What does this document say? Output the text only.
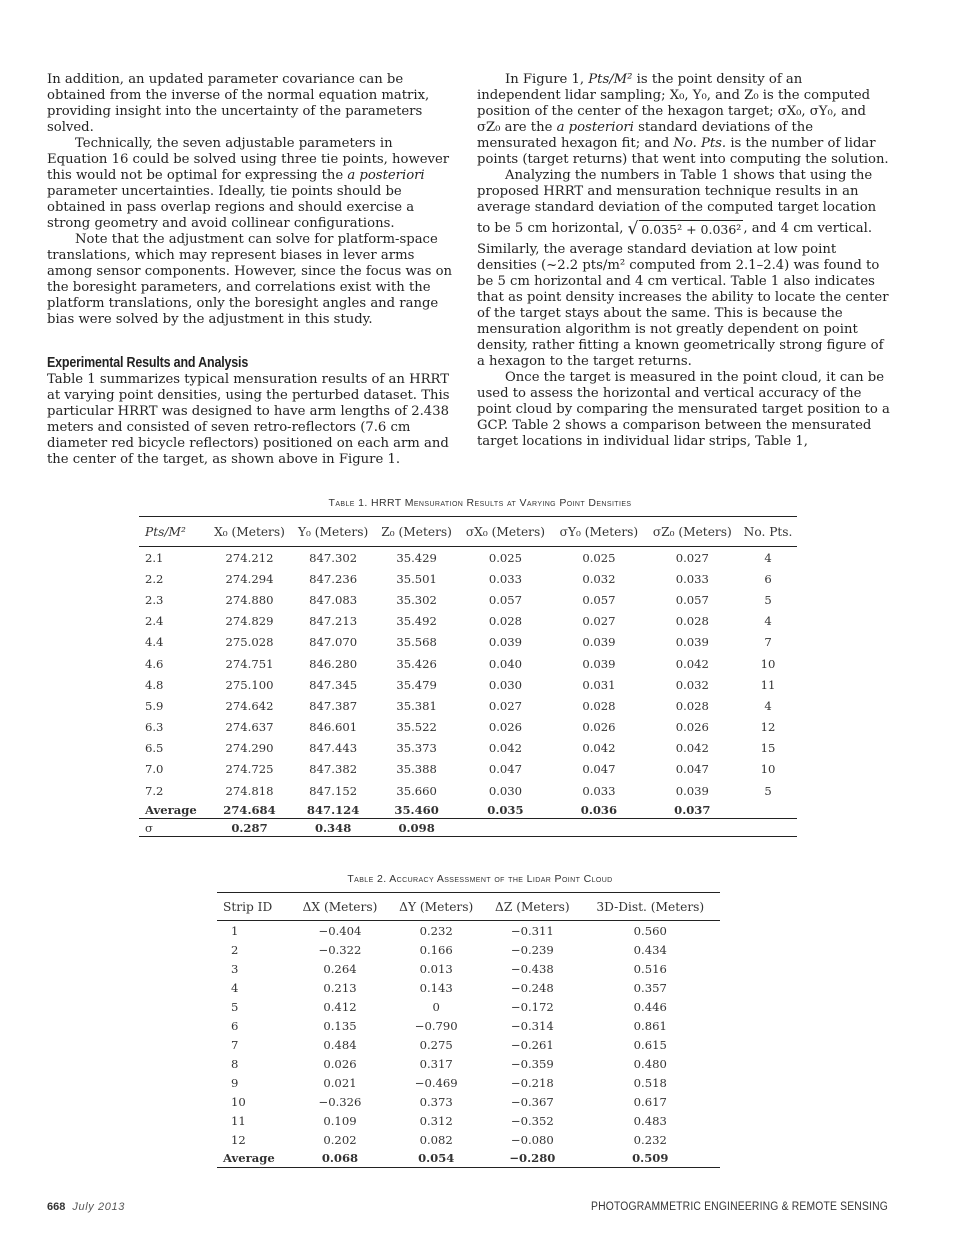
In addition, an updated parameter covariance can be obtained from the inverse of the normal equation matrix, providing insight into the uncertainty of the parameters solved.

Technically, the seven adjustable parameters in Equation 16 could be solved using three tie points, however this would not be optimal for expressing the a posteriori parameter uncertainties. Ideally, tie points should be obtained in pass overlap regions and should exercise a strong geometry and avoid collinear configurations.

Note that the adjustment can solve for platform-space translations, which may represent biases in lever arms among sensor components. However, since the focus was on the boresight parameters, and correlations exist with the platform translations, only the boresight angles and range bias were solved by the adjustment in this study.

Experimental Results and Analysis

Table 1 summarizes typical mensuration results of an HRRT at varying point densities, using the perturbed dataset. This particular HRRT was designed to have arm lengths of 2.438 meters and consisted of seven retro-reflectors (7.6 cm diameter red bicycle reflectors) positioned on each arm and the center of the target, as shown above in Figure 1.

In Figure 1, Pts/M² is the point density of an independent lidar sampling; X₀, Y₀, and Z₀ is the computed position of the center of the hexagon target; σX₀, σY₀, and σZ₀ are the a posteriori standard deviations of the mensurated hexagon fit; and No. Pts. is the number of lidar points (target returns) that went into computing the solution.

Analyzing the numbers in Table 1 shows that using the proposed HRRT and mensuration technique results in an average standard deviation of the computed target location

to be 5 cm horizontal, √ 0.035² + 0.036² , and 4 cm vertical.

Similarly, the average standard deviation at low point densities (~2.2 pts/m² computed from 2.1–2.4) was found to be 5 cm horizontal and 4 cm vertical. Table 1 also indicates that as point density increases the ability to locate the center of the target stays about the same. This is because the mensuration algorithm is not greatly dependent on point density, rather fitting a known geometrically strong figure of a hexagon to the target returns.

Once the target is measured in the point cloud, it can be used to assess the horizontal and vertical accuracy of the point cloud by comparing the mensurated target position to a GCP. Table 2 shows a comparison between the mensurated target locations in individual lidar strips, Table 1,

Table 1. HRRT Mensuration Results at Varying Point Densities
Pts/M²	X₀ (Meters)	Y₀ (Meters)	Z₀ (Meters)	σX₀ (Meters)	σY₀ (Meters)	σZ₀ (Meters)	No. Pts.
2.1	274.212	847.302	35.429	0.025	0.025	0.027	4
2.2	274.294	847.236	35.501	0.033	0.032	0.033	6
2.3	274.880	847.083	35.302	0.057	0.057	0.057	5
2.4	274.829	847.213	35.492	0.028	0.027	0.028	4
4.4	275.028	847.070	35.568	0.039	0.039	0.039	7
4.6	274.751	846.280	35.426	0.040	0.039	0.042	10
4.8	275.100	847.345	35.479	0.030	0.031	0.032	11
5.9	274.642	847.387	35.381	0.027	0.028	0.028	4
6.3	274.637	846.601	35.522	0.026	0.026	0.026	12
6.5	274.290	847.443	35.373	0.042	0.042	0.042	15
7.0	274.725	847.382	35.388	0.047	0.047	0.047	10
7.2	274.818	847.152	35.660	0.030	0.033	0.039	5
Average	274.684	847.124	35.460	0.035	0.036	0.037	
σ	0.287	0.348	0.098				
Table 2. Accuracy Assessment of the Lidar Point Cloud
Strip ID	ΔX (Meters)	ΔY (Meters)	ΔZ (Meters)	3D-Dist. (Meters)
1	−0.404	0.232	−0.311	0.560
2	−0.322	0.166	−0.239	0.434
3	0.264	0.013	−0.438	0.516
4	0.213	0.143	−0.248	0.357
5	0.412	0	−0.172	0.446
6	0.135	−0.790	−0.314	0.861
7	0.484	0.275	−0.261	0.615
8	0.026	0.317	−0.359	0.480
9	0.021	−0.469	−0.218	0.518
10	−0.326	0.373	−0.367	0.617
11	0.109	0.312	−0.352	0.483
12	0.202	0.082	−0.080	0.232
Average	0.068	0.054	−0.280	0.509
668 July 2013	PHOTOGRAMMETRIC ENGINEERING & REMOTE SENSING
